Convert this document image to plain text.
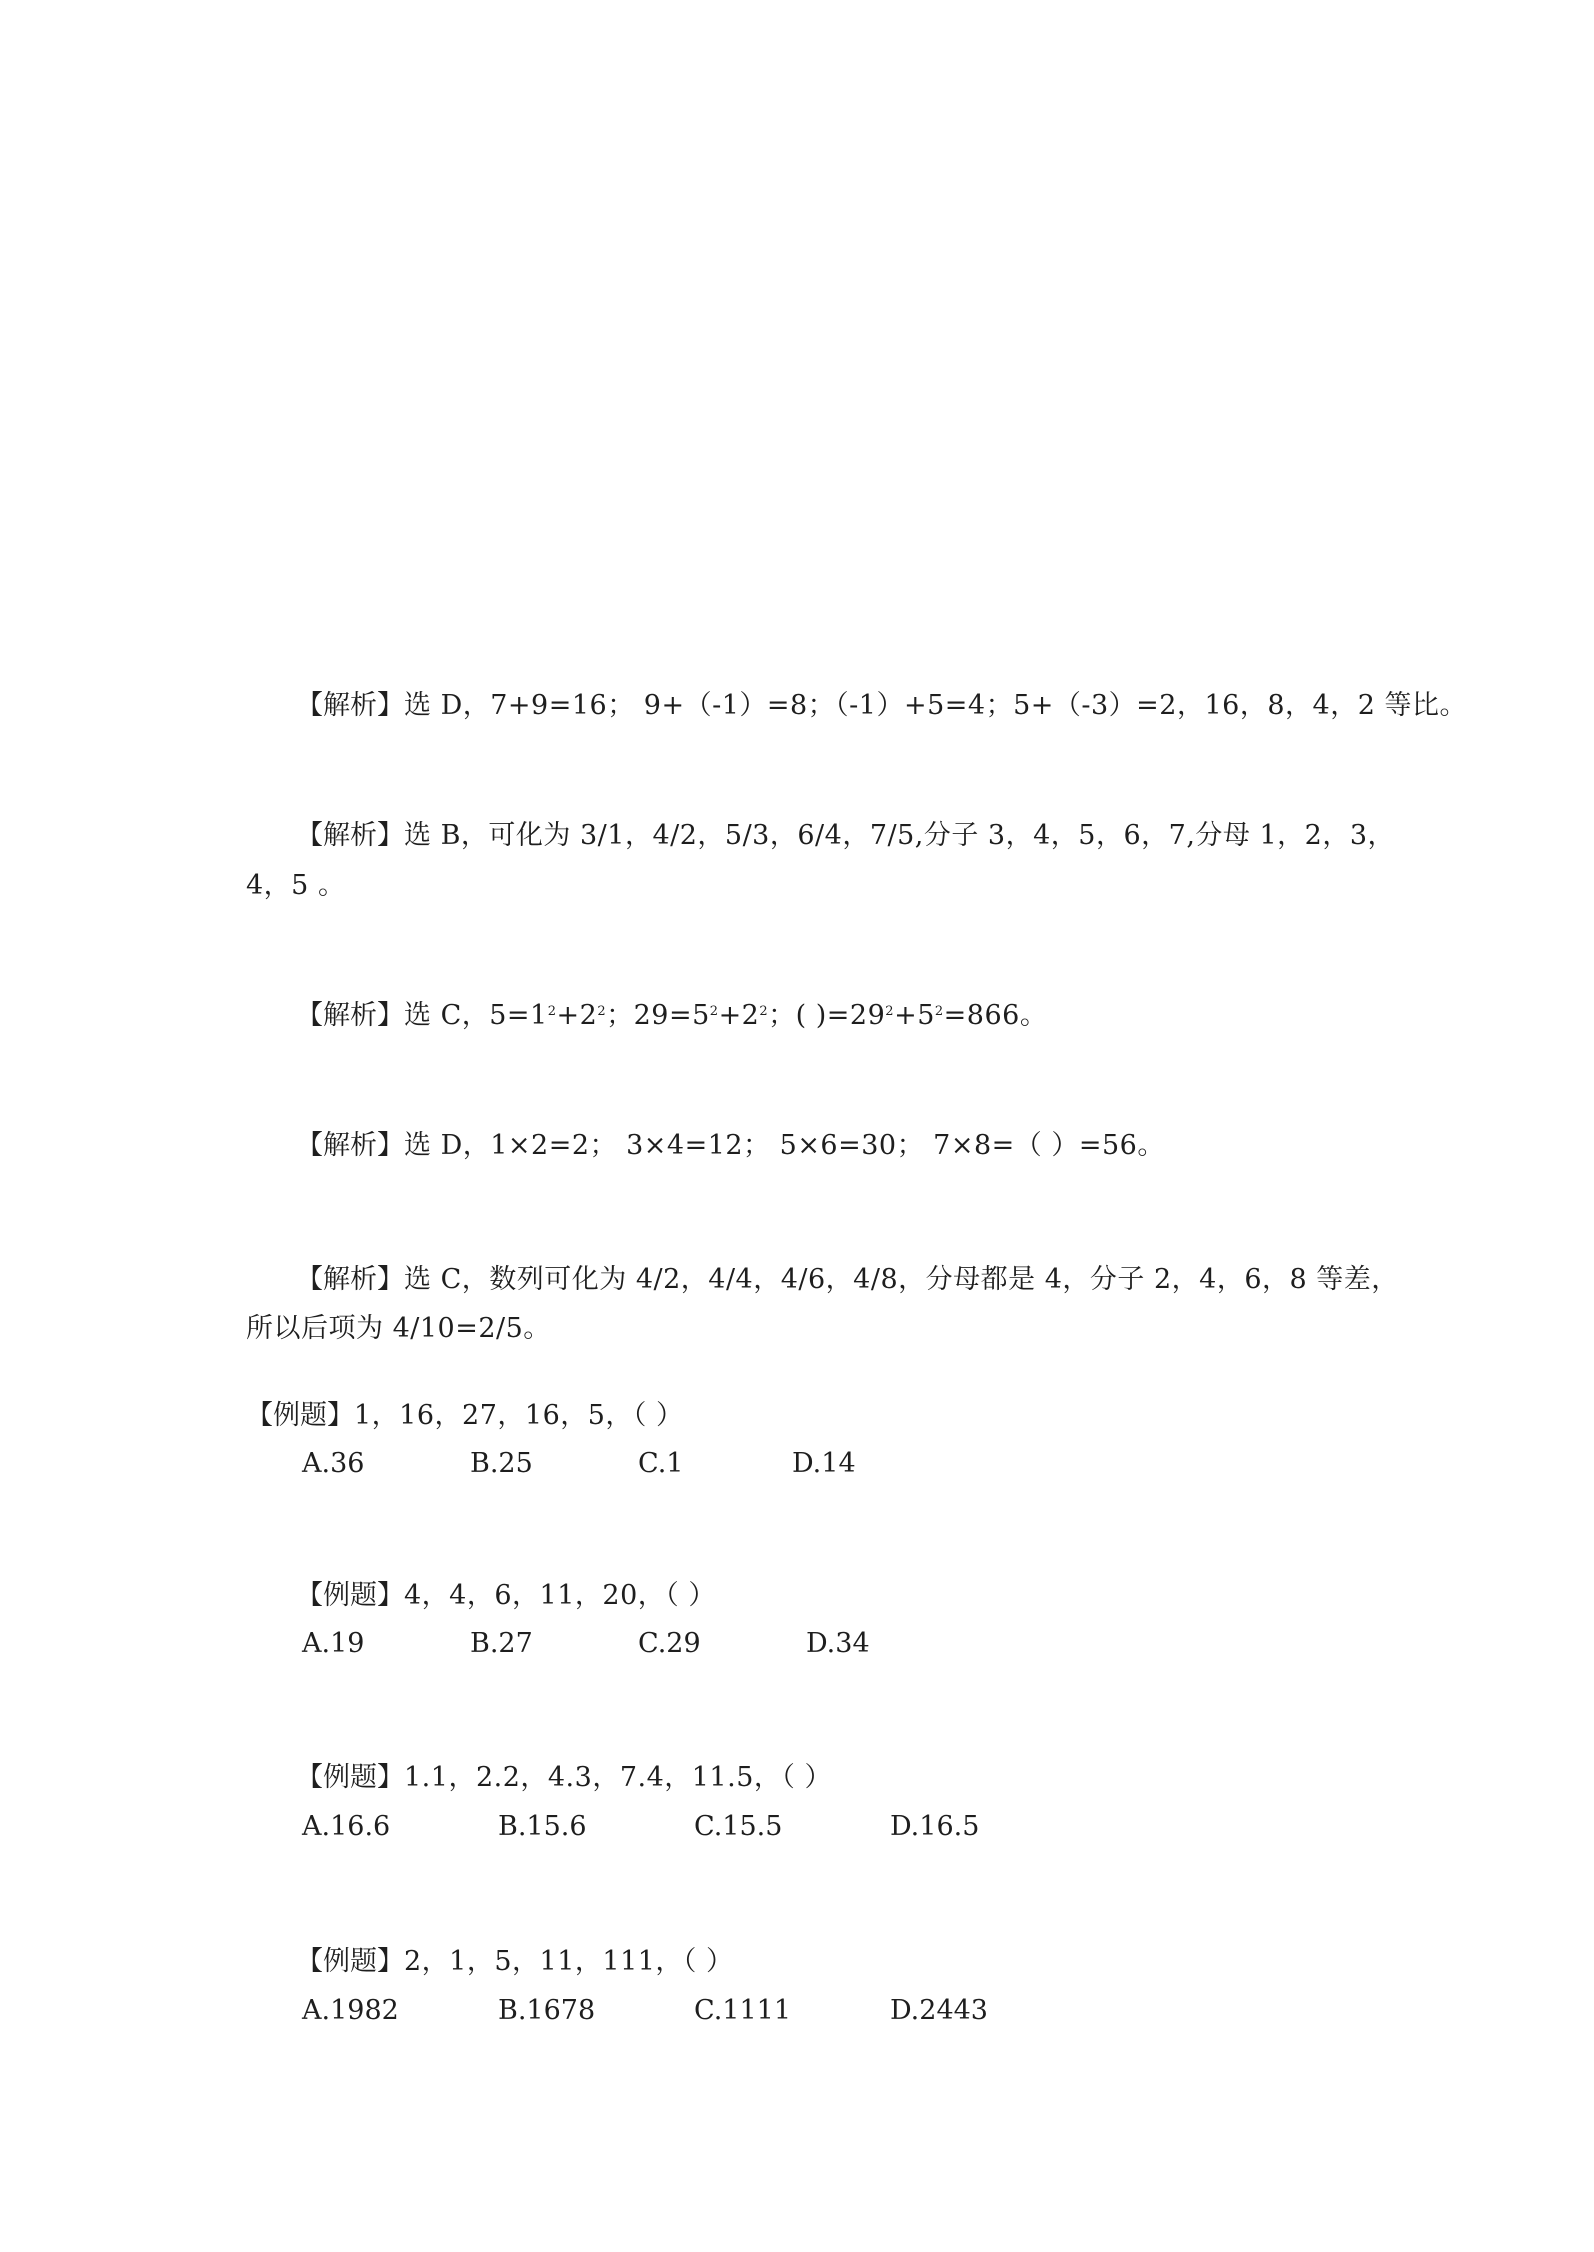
【解析】选 D，7+9=16； 9+（-1）=8；（-1）+5=4；5+（-3）=2，16，8，4，2 等比。
【解析】选 B，可化为 3/1，4/2，5/3，6/4，7/5,分子 3，4，5，6，7,分母 1，2，3，
4，5 。
【解析】选 C，$5=1^2+2^2$；$29=5^2+2^2$；( )$=29^2+5^2=866$。
【解析】选 D，1×2=2； 3×4=12； 5×6=30； 7×8=（ ）=56。
【解析】选 C，数列可化为 4/2，4/4，4/6，4/8，分母都是 4，分子 2，4，6，8 等差，
所以后项为 4/10=2/5。
【例题】1，16，27，16，5，（ ）
A.36	B.25	C.1	D.14
【例题】4，4，6，11，20，（ ）
A.19	B.27	C.29	D.34
【例题】1.1，2.2，4.3，7.4，11.5，（ ）
A.16.6	B.15.6	C.15.5	D.16.5
【例题】2，1，5，11，111，（ ）
A.1982	B.1678	C.1111	D.2443
